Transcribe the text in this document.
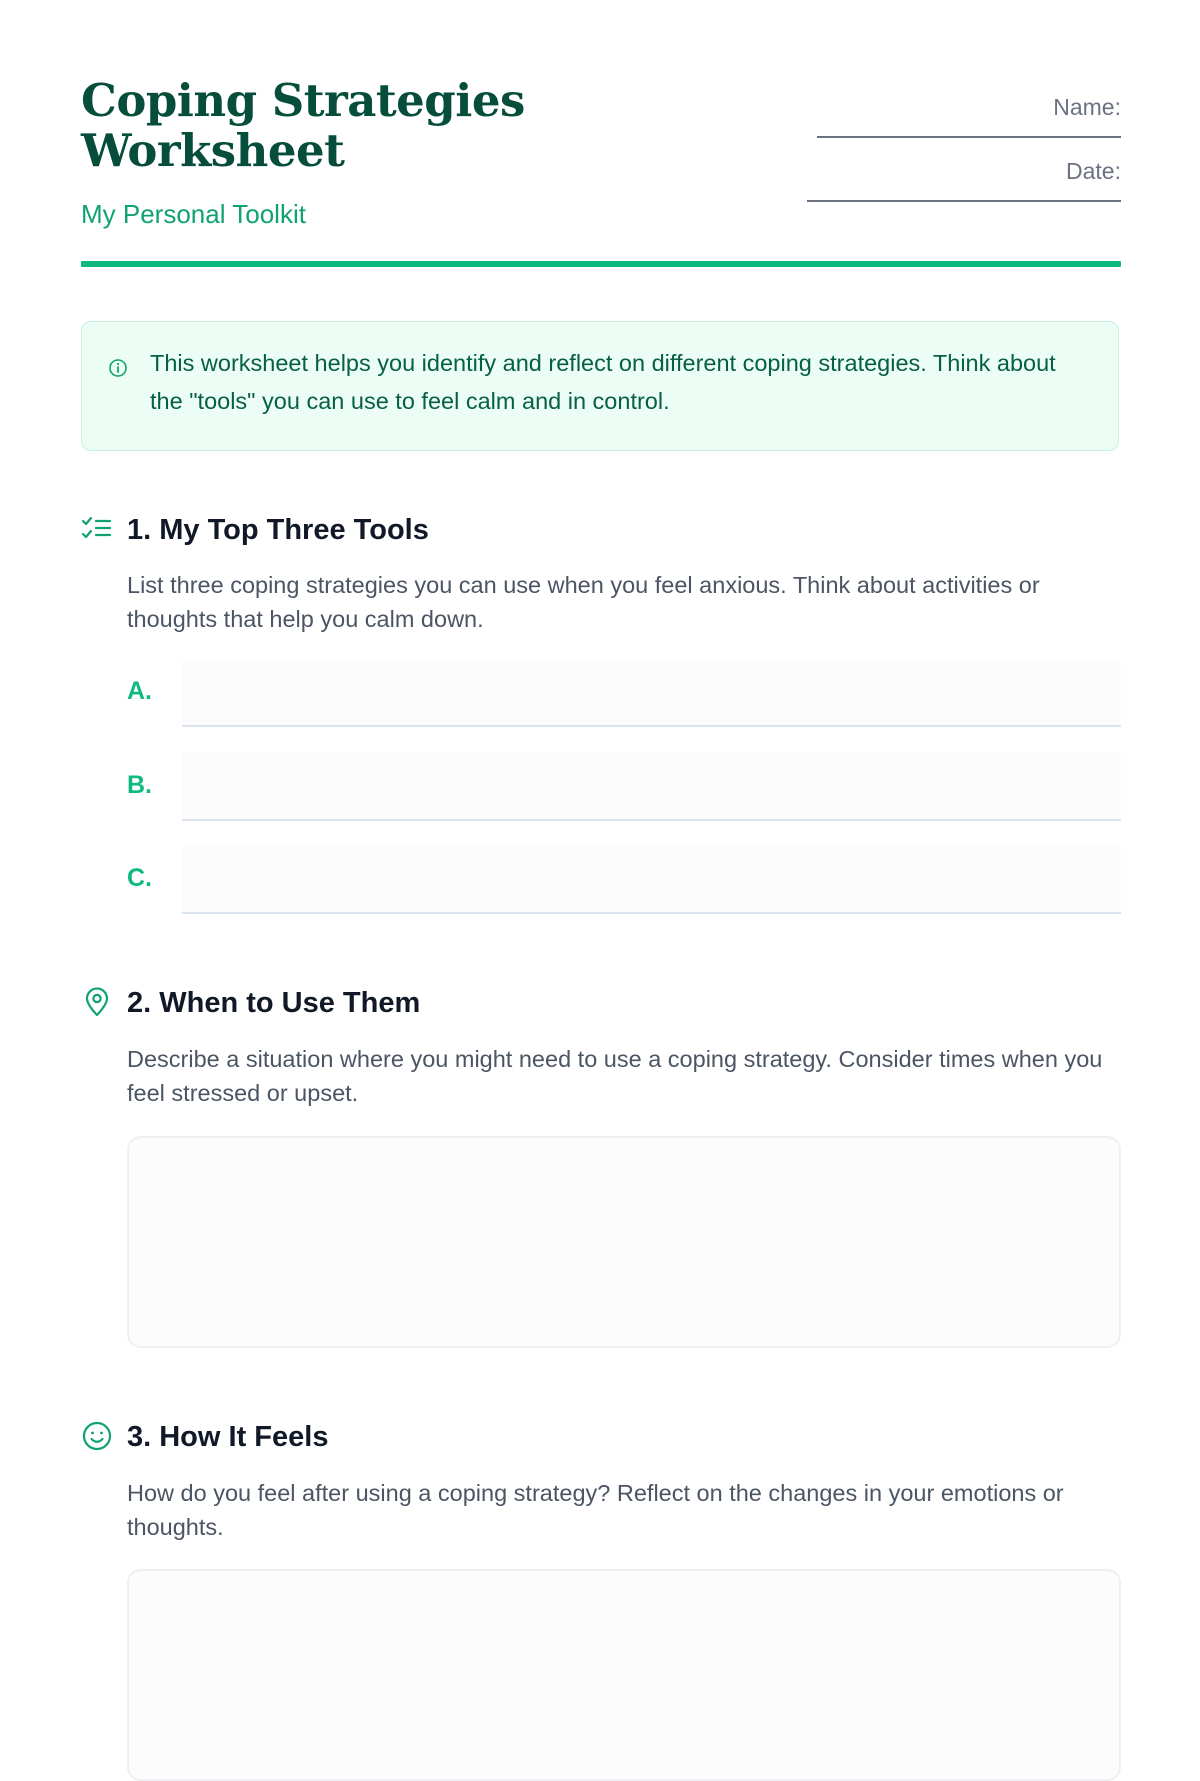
Coping Strategies
Worksheet
My Personal Toolkit
Name:
Date:
This worksheet helps you identify and reflect on different coping strategies. Think about the "tools" you can use to feel calm and in control.
1. My Top Three Tools
List three coping strategies you can use when you feel anxious. Think about activities or thoughts that help you calm down.
A.
B.
C.
2. When to Use Them
Describe a situation where you might need to use a coping strategy. Consider times when you feel stressed or upset.
3. How It Feels
How do you feel after using a coping strategy? Reflect on the changes in your emotions or thoughts.
